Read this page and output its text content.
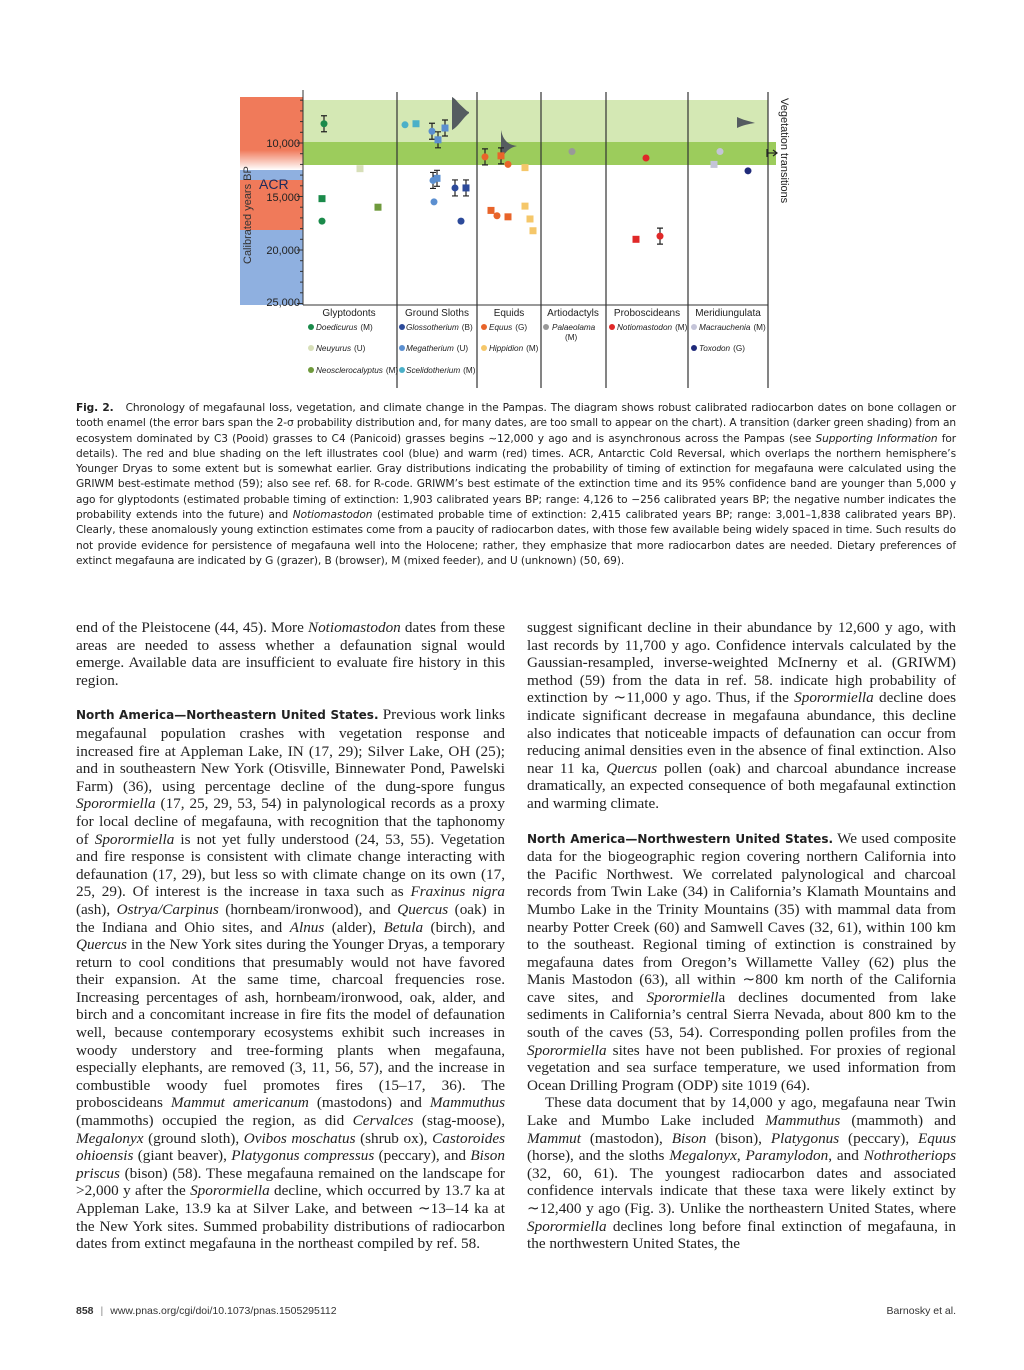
10,000
15,000
20,000
25,000
ACR
Calibrated years BP
Vegetation transitions
Glyptodonts	Ground Sloths Equids Artiodactyls Proboscideans Meridiungulata
Doedicurus (M)
Neuyurus (U)
Neosclerocalyptus (M)
Glossotherium (B)
Megatherium (U)
Scelidotherium (M)
Equus (G)
Hippidion (M)
Palaeolama
(M)
Notiomastodon (M) Macrauchenia (M)
Toxodon (G)
Fig. 2. Chronology of megafaunal loss, vegetation, and climate change in the Pampas. The diagram shows robust calibrated radiocarbon dates on bone collagen or tooth enamel (the error bars span the 2-σ probability distribution and, for many dates, are too small to appear on the chart). A transition (darker green shading) from an ecosystem dominated by C3 (Pooid) grasses to C4 (Panicoid) grasses begins ∼12,000 y ago and is asynchronous across the Pampas (see Supporting Information for details). The red and blue shading on the left illustrates cool (blue) and warm (red) times. ACR, Antarctic Cold Reversal, which overlaps the northern hemisphere’s Younger Dryas to some extent but is somewhat earlier. Gray distributions indicating the probability of timing of extinction for megafauna were calculated using the GRIWM best-estimate method (59); also see ref. 68. for R-code. GRIWM’s best estimate of the extinction time and its 95% confidence band are younger than 5,000 y ago for glyptodonts (estimated probable timing of extinction: 1,903 calibrated years BP; range: 4,126 to −256 calibrated years BP; the negative number indicates the probability extends into the future) and Notiomastodon (estimated probable time of extinction: 2,415 calibrated years BP; range: 3,001–1,838 calibrated years BP). Clearly, these anomalously young extinction estimates come from a paucity of radiocarbon dates, with those few available being widely spaced in time. Such results do not provide evidence for persistence of megafauna well into the Holocene; rather, they emphasize that more radiocarbon dates are needed. Dietary preferences of extinct megafauna are indicated by G (grazer), B (browser), M (mixed feeder), and U (unknown) (50, 69).

end of the Pleistocene (44, 45). More Notiomastodon dates from these areas are needed to assess whether a defaunation signal would emerge. Available data are insufficient to evaluate fire history in this region.

North America—Northeastern United States. Previous work links megafaunal population crashes with vegetation response and increased fire at Appleman Lake, IN (17, 29); Silver Lake, OH (25); and in southeastern New York (Otisville, Binnewater Pond, Pawelski Farm) (36), using percentage decline of the dung-spore fungus Sporormiella (17, 25, 29, 53, 54) in palynological records as a proxy for local decline of megafauna, with recognition that the taphonomy of Sporormiella is not yet fully understood (24, 53, 55). Vegetation and fire response is consistent with climate change interacting with defaunation (17, 29), but less so with climate change on its own (17, 25, 29). Of interest is the increase in taxa such as Fraxinus nigra (ash), Ostrya/Carpinus (hornbeam/ironwood), and Quercus (oak) in the Indiana and Ohio sites, and Alnus (alder), Betula (birch), and Quercus in the New York sites during the Younger Dryas, a temporary return to cool conditions that presumably would not have favored their expansion. At the same time, charcoal frequencies rose. Increasing percentages of ash, hornbeam/ironwood, oak, alder, and birch and a concomitant increase in fire fits the model of defaunation well, because contemporary ecosystems exhibit such increases in woody understory and tree-forming plants when megafauna, especially elephants, are removed (3, 11, 56, 57), and the increase in combustible woody fuel promotes fires (15–17, 36). The proboscideans Mammut americanum (mastodons) and Mammuthus (mammoths) occupied the region, as did Cervalces (stag-moose), Megalonyx (ground sloth), Ovibos moschatus (shrub ox), Castoroides ohioensis (giant beaver), Platygonus compressus (peccary), and Bison priscus (bison) (58). These megafauna remained on the landscape for >2,000 y after the Sporormiella decline, which occurred by 13.7 ka at Appleman Lake, 13.9 ka at Silver Lake, and between ∼13–14 ka at the New York sites. Summed probability distributions of radiocarbon dates from extinct megafauna in the northeast compiled by ref. 58.

suggest significant decline in their abundance by 12,600 y ago, with last records by 11,700 y ago. Confidence intervals calculated by the Gaussian-resampled, inverse-weighted McInerny et al. (GRIWM) method (59) from the data in ref. 58. indicate high probability of extinction by ∼11,000 y ago. Thus, if the Sporormiella decline does indicate significant decrease in megafauna abundance, this decline also indicates that noticeable impacts of defaunation can occur from reducing animal densities even in the absence of final extinction. Also near 11 ka, Quercus pollen (oak) and charcoal abundance increase dramatically, an expected consequence of both megafaunal extinction and warming climate.

North America—Northwestern United States. We used composite data for the biogeographic region covering northern California into the Pacific Northwest. We correlated palynological and charcoal records from Twin Lake (34) in California’s Klamath Mountains and Mumbo Lake in the Trinity Mountains (35) with mammal data from nearby Potter Creek (60) and Samwell Caves (32, 61), within 100 km to the southeast. Regional timing of extinction is constrained by megafauna dates from Oregon’s Willamette Valley (62) plus the Manis Mastodon (63), all within ∼800 km north of the California cave sites, and Sporormiella declines documented from lake sediments in California’s central Sierra Nevada, about 800 km to the south of the caves (53, 54). Corresponding pollen profiles from the Sporormiella sites have not been published. For proxies of regional vegetation and sea surface temperature, we used information from Ocean Drilling Program (ODP) site 1019 (64).

These data document that by 14,000 y ago, megafauna near Twin Lake and Mumbo Lake included Mammuthus (mammoth) and Mammut (mastodon), Bison (bison), Platygonus (peccary), Equus (horse), and the sloths Megalonyx, Paramylodon, and Nothrotheriops (32, 60, 61). The youngest radiocarbon dates and associated confidence intervals indicate that these taxa were likely extinct by ∼12,400 y ago (Fig. 3). Unlike the northeastern United States, where Sporormiella declines long before final extinction of megafauna, in the northwestern United States, the

858 | www.pnas.org/cgi/doi/10.1073/pnas.1505295112	Barnosky et al.
